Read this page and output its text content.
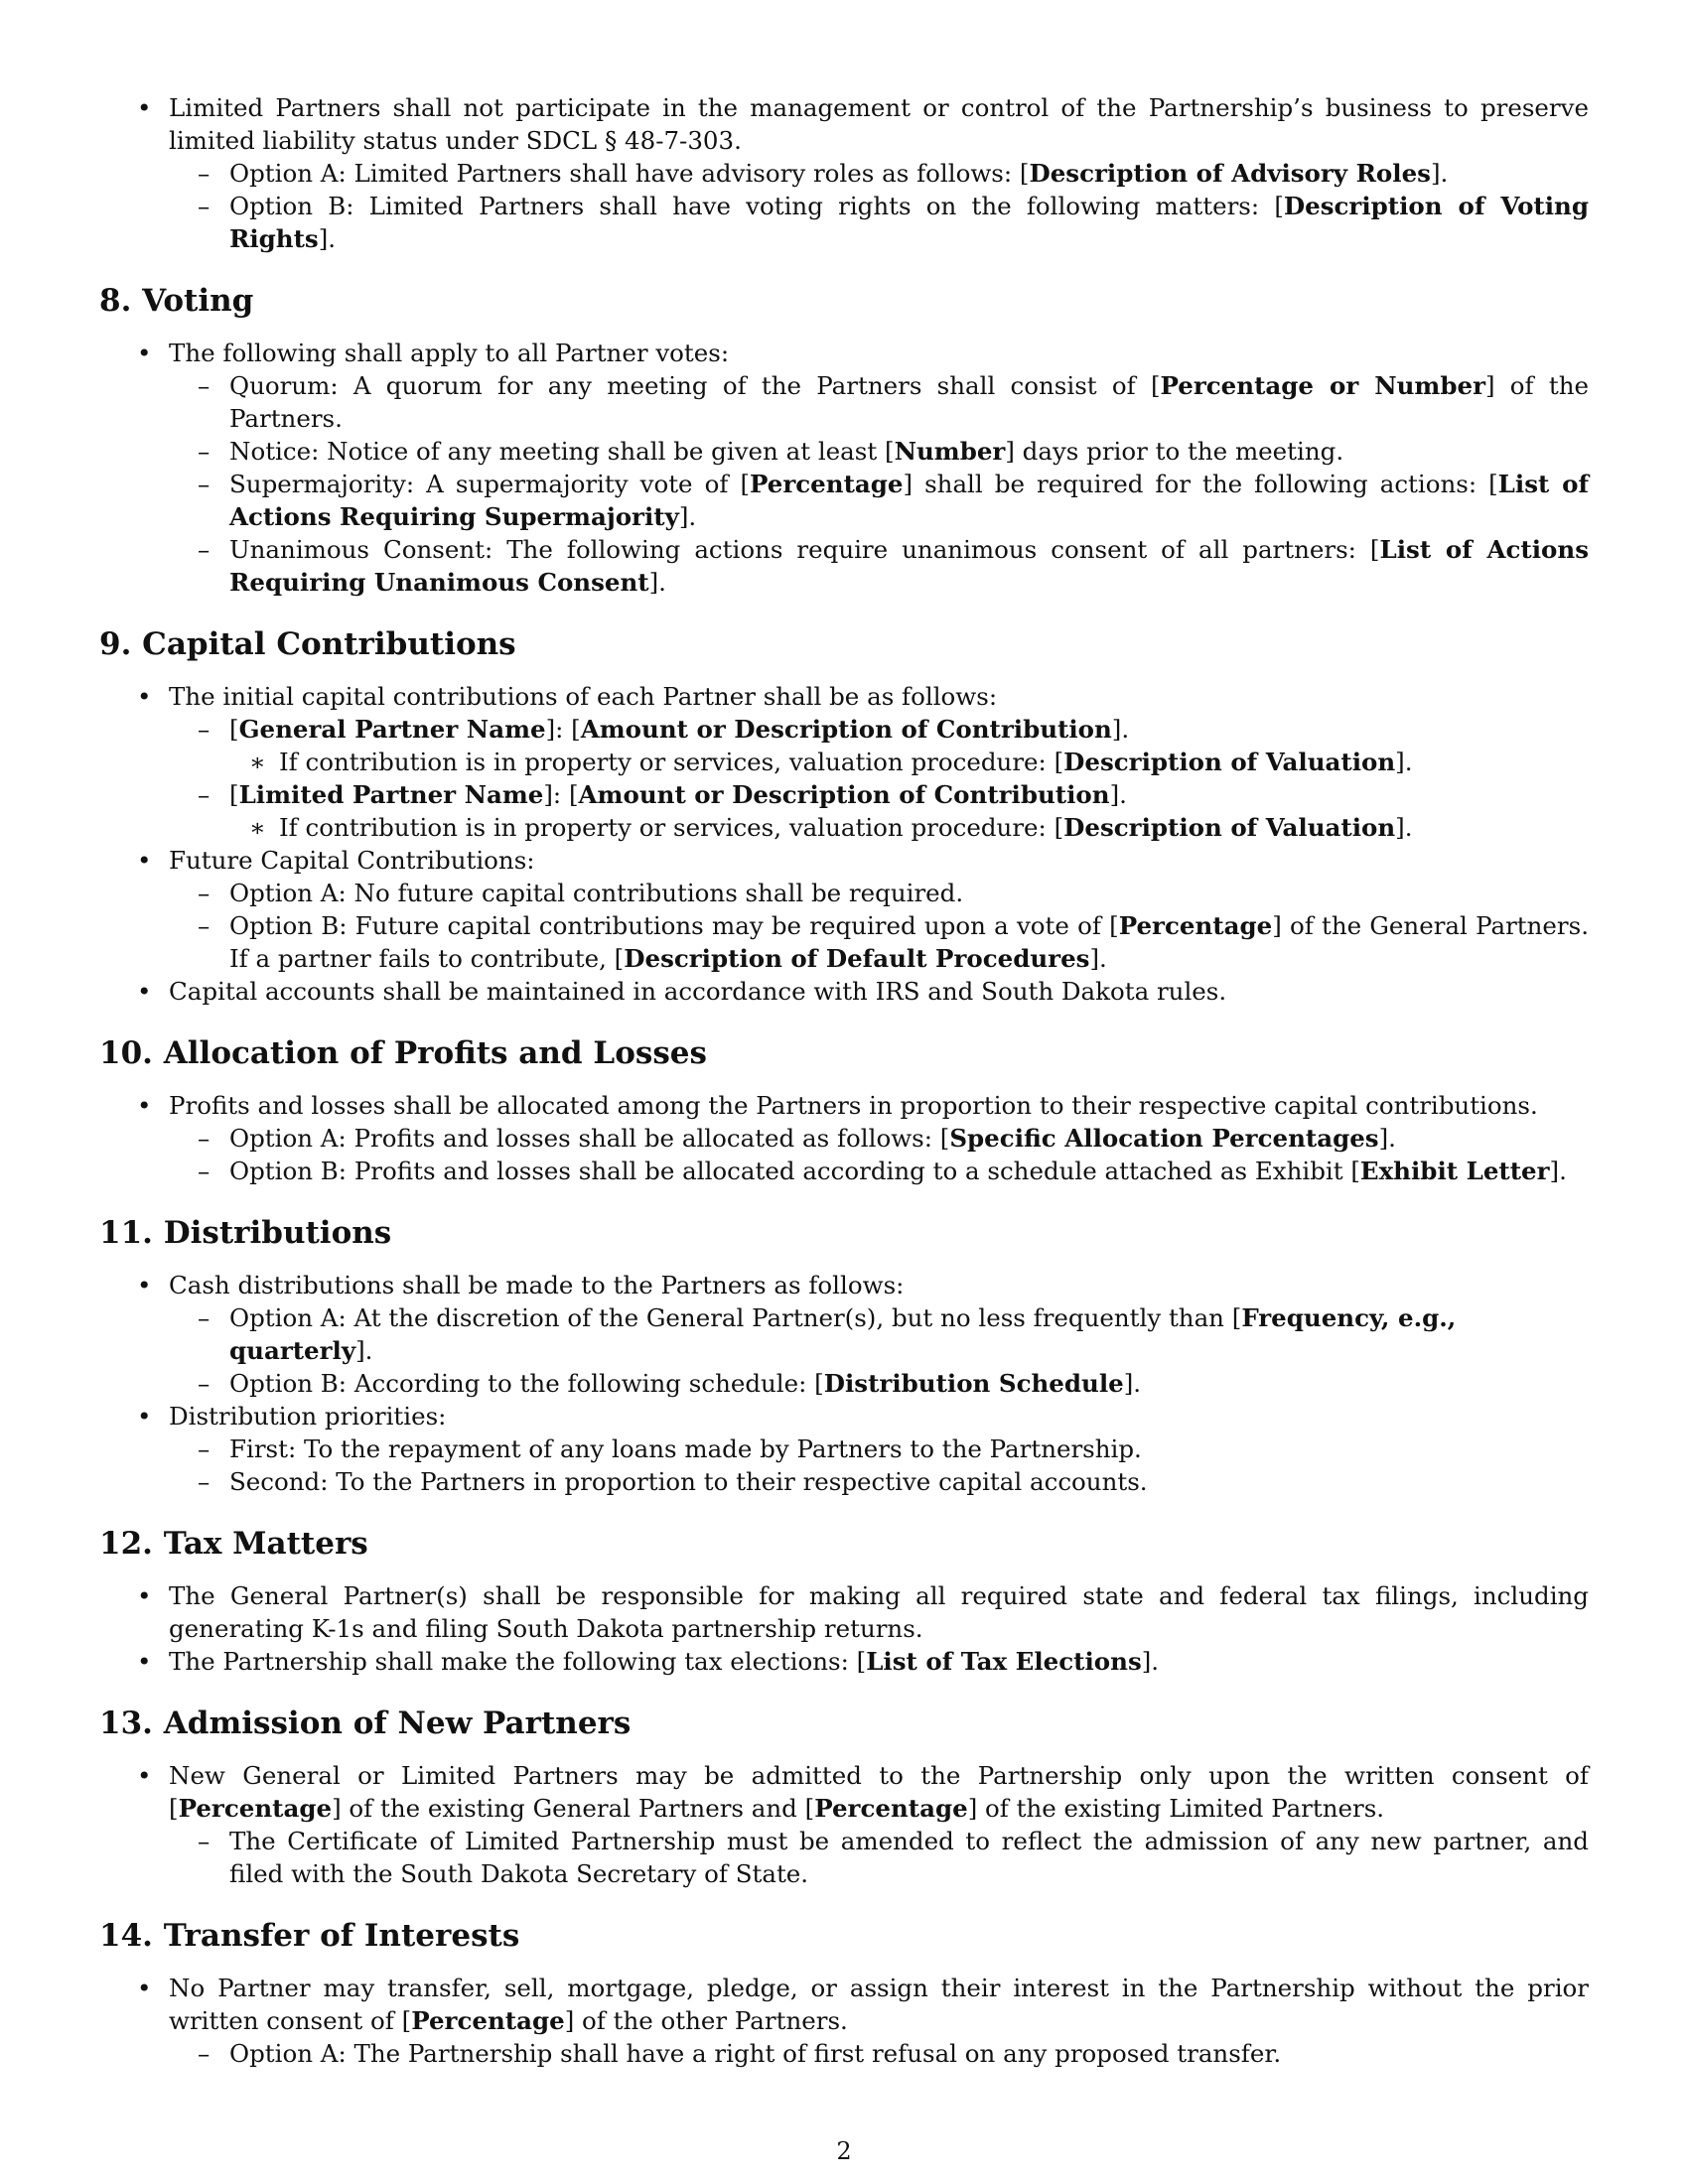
• Limited Partners shall not participate in the management or control of the Partnership’s business to preserve limited liability status under SDCL § 48-7-303.
– Option A: Limited Partners shall have advisory roles as follows: [Description of Advisory Roles].
– Option B: Limited Partners shall have voting rights on the following matters: [Description of Voting Rights].
8. Voting
• The following shall apply to all Partner votes:
– Quorum: A quorum for any meeting of the Partners shall consist of [Percentage or Number] of the Partners.
– Notice: Notice of any meeting shall be given at least [Number] days prior to the meeting.
– Supermajority: A supermajority vote of [Percentage] shall be required for the following actions: [List of Actions Requiring Supermajority].
– Unanimous Consent: The following actions require unanimous consent of all partners: [List of Actions Requiring Unanimous Consent].
9. Capital Contributions
• The initial capital contributions of each Partner shall be as follows:
– [General Partner Name]: [Amount or Description of Contribution].
∗ If contribution is in property or services, valuation procedure: [Description of Valuation].
– [Limited Partner Name]: [Amount or Description of Contribution].
∗ If contribution is in property or services, valuation procedure: [Description of Valuation].
• Future Capital Contributions:
– Option A: No future capital contributions shall be required.
– Option B: Future capital contributions may be required upon a vote of [Percentage] of the General Partners. If a partner fails to contribute, [Description of Default Procedures].
• Capital accounts shall be maintained in accordance with IRS and South Dakota rules.
10. Allocation of Profits and Losses
• Profits and losses shall be allocated among the Partners in proportion to their respective capital contributions.
– Option A: Profits and losses shall be allocated as follows: [Specific Allocation Percentages].
– Option B: Profits and losses shall be allocated according to a schedule attached as Exhibit [Exhibit Letter].
11. Distributions
• Cash distributions shall be made to the Partners as follows:
– Option A: At the discretion of the General Partner(s), but no less frequently than [Frequency, e.g., quarterly].
– Option B: According to the following schedule: [Distribution Schedule].
• Distribution priorities:
– First: To the repayment of any loans made by Partners to the Partnership.
– Second: To the Partners in proportion to their respective capital accounts.
12. Tax Matters
• The General Partner(s) shall be responsible for making all required state and federal tax filings, including generating K-1s and filing South Dakota partnership returns.
• The Partnership shall make the following tax elections: [List of Tax Elections].
13. Admission of New Partners
• New General or Limited Partners may be admitted to the Partnership only upon the written consent of [Percentage] of the existing General Partners and [Percentage] of the existing Limited Partners.
– The Certificate of Limited Partnership must be amended to reflect the admission of any new partner, and filed with the South Dakota Secretary of State.
14. Transfer of Interests
• No Partner may transfer, sell, mortgage, pledge, or assign their interest in the Partnership without the prior written consent of [Percentage] of the other Partners.
– Option A: The Partnership shall have a right of first refusal on any proposed transfer.
2
